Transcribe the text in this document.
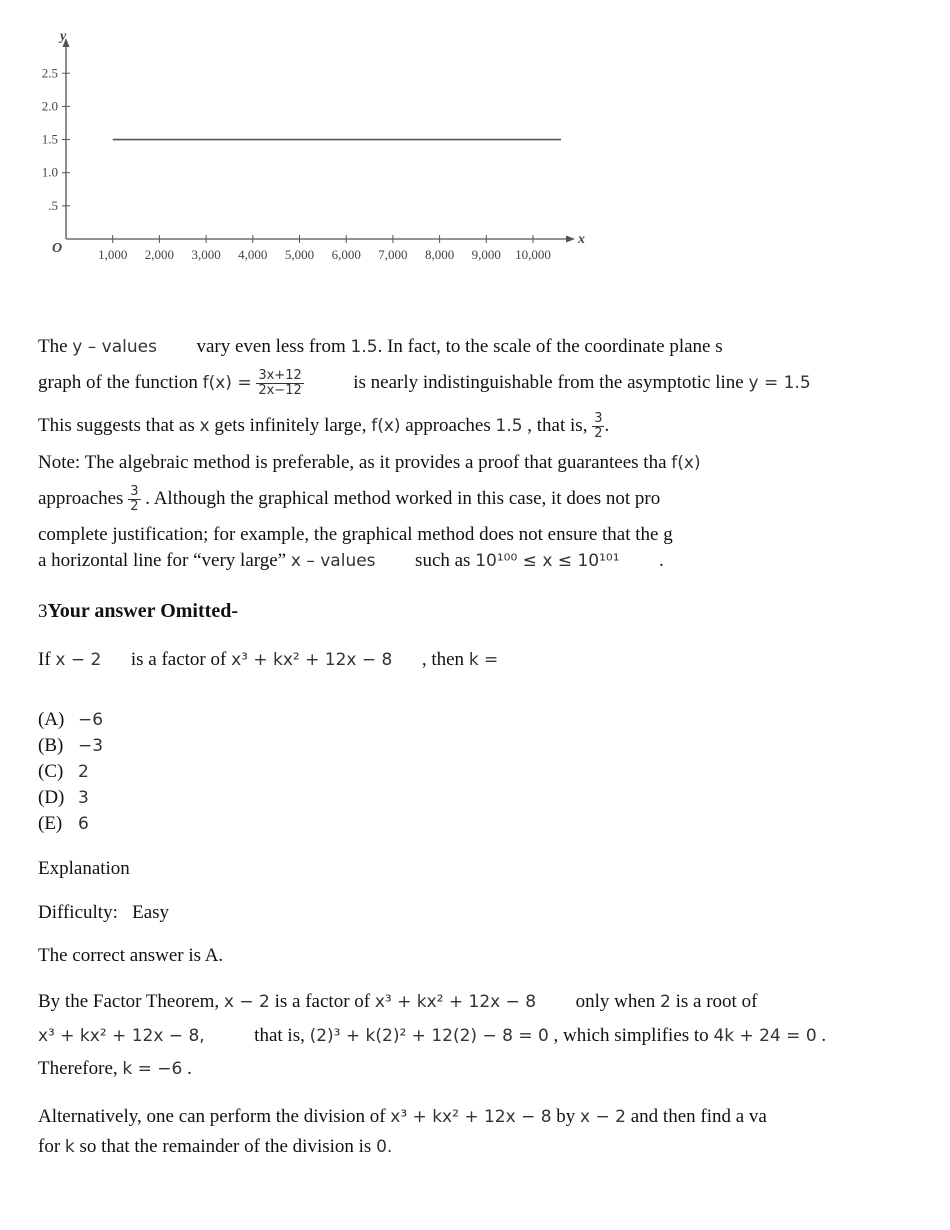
x
y
O	1,000 2,000 3,000 4,000 5,000 6,000 7,000 8,000 9,000 10,000
.5
1.0
1.5
2.0
2.5

The y – values vary even less from 1.5. In fact, to the scale of the coordinate plane s

graph of the function $f(x) = \frac{3x+12}{2x-12}$	is nearly indistinguishable from the asymptotic line y = 1.5

This suggests that as x gets infinitely large, f(x) approaches 1.5 , that is, $\frac{3}{2}$ .

Note: The algebraic method is preferable, as it provides a proof that guarantees tha f(x)

approaches $\frac{3}{2}$ . Although the graphical method worked in this case, it does not pro

complete justification; for example, the graphical method does not ensure that the g

a horizontal line for “very large” x – values such as 10¹⁰⁰ ≤ x ≤ 10¹⁰¹ .

3Your answer Omitted-

If x − 2 is a factor of x³ + kx² + 12x − 8 , then k =

(A) −6
(B) −3
(C) 2
(D) 3
(E) 6

Explanation

Difficulty:   Easy

The correct answer is A.

By the Factor Theorem, x − 2 is a factor of x³ + kx² + 12x − 8 only when 2 is a root of

x³ + kx² + 12x − 8,	that is, (2)³ + k(2)² + 12(2) − 8 = 0 , which simplifies to 4k + 24 = 0 .

Therefore, k = −6 .

Alternatively, one can perform the division of x³ + kx² + 12x − 8 by x − 2 and then find a va

for k so that the remainder of the division is 0.
